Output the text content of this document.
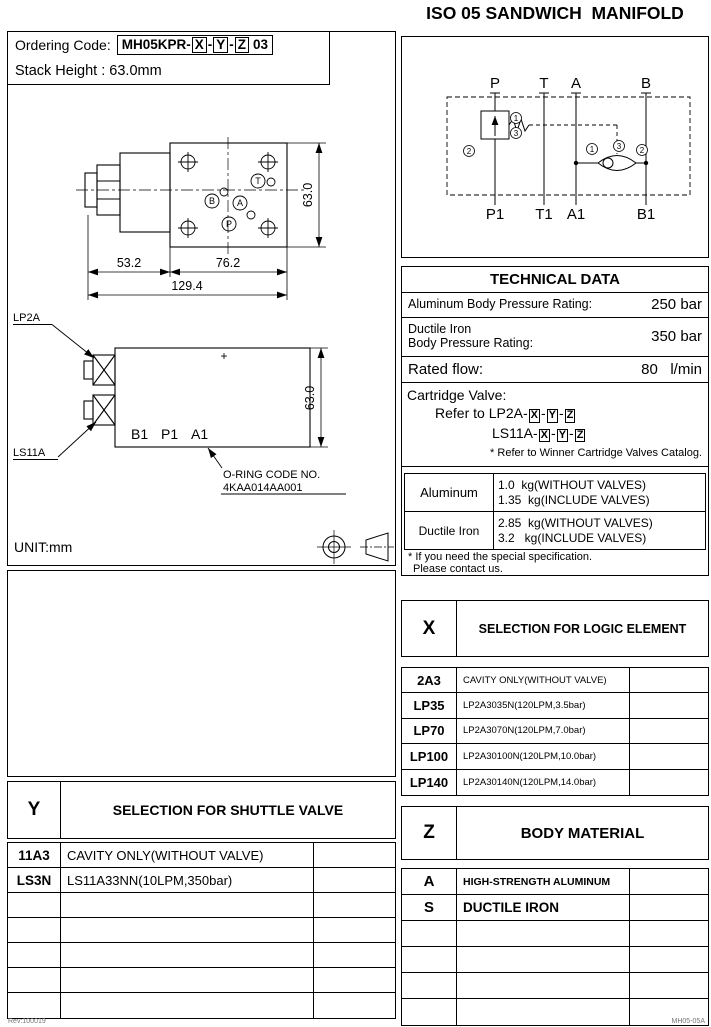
ISO 05 SANDWICH  MANIFOLD
Ordering Code: MH05KPR- X - Y - Z 03
Stack Height : 63.0mm
B A
P
T
53.2	76.2
129.4
63.0
LP2A
LS11A
+
B1 P1 A1
63.0
O-RING CODE NO.
4KAA014AA001
UNIT:mm
1
3
2	1	3 2
P	T A	B
P1 T1 A1	B1
TECHNICAL DATA
Aluminum Body Pressure Rating:	250 bar
Ductile Iron
Body Pressure Rating:	350 bar
Rated flow:	80 l/min
Cartridge Valve:
Refer to LP2A- X - Y - Z
LS11A- X - Y - Z
* Refer to Winner Cartridge Valves Catalog.
Aluminum
1.0  kg(WITHOUT VALVES)
1.35  kg(INCLUDE VALVES)
Ductile Iron
2.85  kg(WITHOUT VALVES)
3.2   kg(INCLUDE VALVES)
* If you need the special specification.
Please contact us.
X	SELECTION FOR LOGIC ELEMENT
2A3	CAVITY ONLY(WITHOUT VALVE)
LP35	LP2A3035N(120LPM,3.5bar)
LP70	LP2A3070N(120LPM,7.0bar)
LP100	LP2A30100N(120LPM,10.0bar)
LP140	LP2A30140N(120LPM,14.0bar)
Y	SELECTION FOR SHUTTLE VALVE
11A3	CAVITY ONLY(WITHOUT VALVE)
LS3N	LS11A33NN(10LPM,350bar)
Z	BODY MATERIAL
A	HIGH-STRENGTH ALUMINUM
S	DUCTILE IRON
Rev:100019	MH05-05A
